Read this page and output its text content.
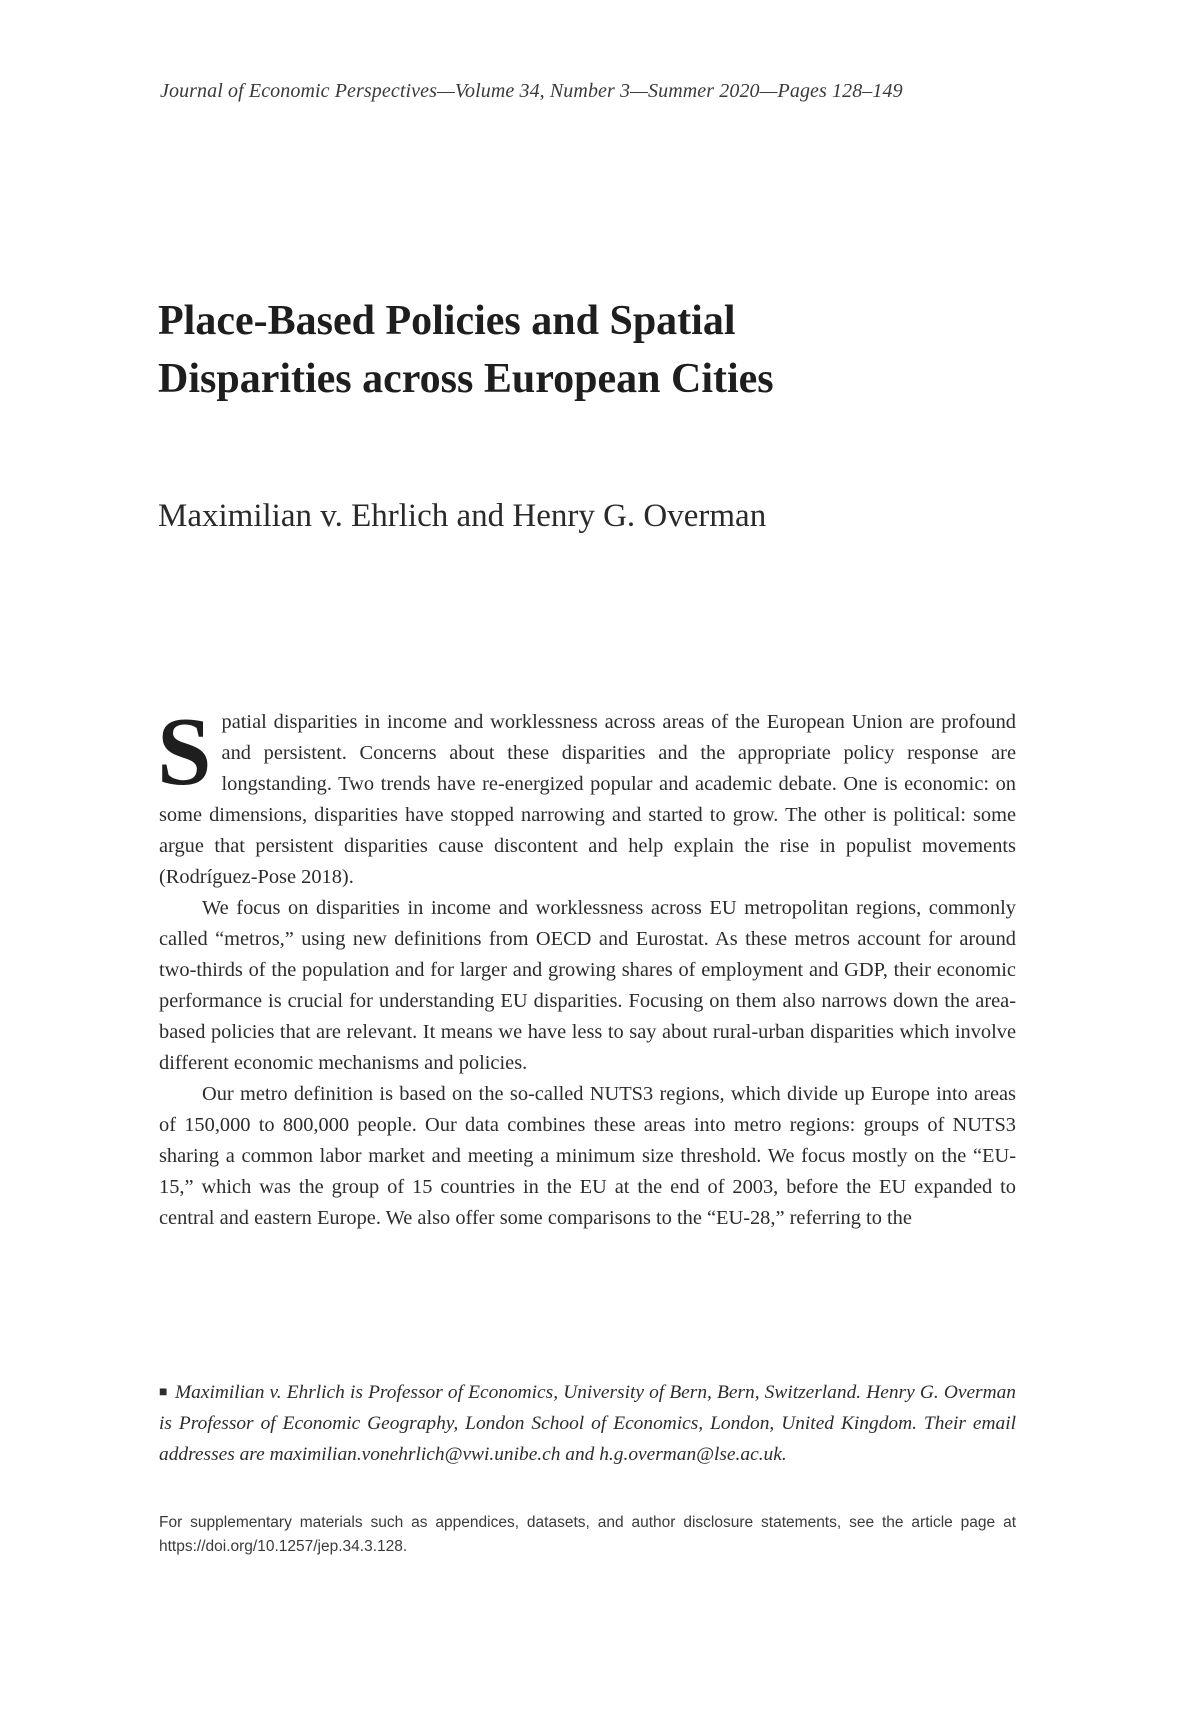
Journal of Economic Perspectives—Volume 34, Number 3—Summer 2020—Pages 128–149
Place-Based Policies and Spatial
Disparities across European Cities
Maximilian v. Ehrlich and Henry G. Overman

Spatial disparities in income and worklessness across areas of the European Union are profound and persistent. Concerns about these disparities and the appropriate policy response are longstanding. Two trends have re-energized popular and academic debate. One is economic: on some dimensions, disparities have stopped narrowing and started to grow. The other is political: some argue that persistent disparities cause discontent and help explain the rise in populist movements (Rodríguez-Pose 2018).

We focus on disparities in income and worklessness across EU metropolitan regions, commonly called “metros,” using new definitions from OECD and Eurostat. As these metros account for around two-thirds of the population and for larger and growing shares of employment and GDP, their economic performance is crucial for understanding EU disparities. Focusing on them also narrows down the area-based policies that are relevant. It means we have less to say about rural-urban disparities which involve different economic mechanisms and policies.

Our metro definition is based on the so-called NUTS3 regions, which divide up Europe into areas of 150,000 to 800,000 people. Our data combines these areas into metro regions: groups of NUTS3 sharing a common labor market and meeting a minimum size threshold. We focus mostly on the “EU-15,” which was the group of 15 countries in the EU at the end of 2003, before the EU expanded to central and eastern Europe. We also offer some comparisons to the “EU-28,” referring to the

■ Maximilian v. Ehrlich is Professor of Economics, University of Bern, Bern, Switzerland. Henry G. Overman is Professor of Economic Geography, London School of Economics, London, United Kingdom. Their email addresses are maximilian.vonehrlich@vwi.unibe.ch and h.g.overman@lse.ac.uk.
For supplementary materials such as appendices, datasets, and author disclosure statements, see the article page at https://doi.org/10.1257/jep.34.3.128.
